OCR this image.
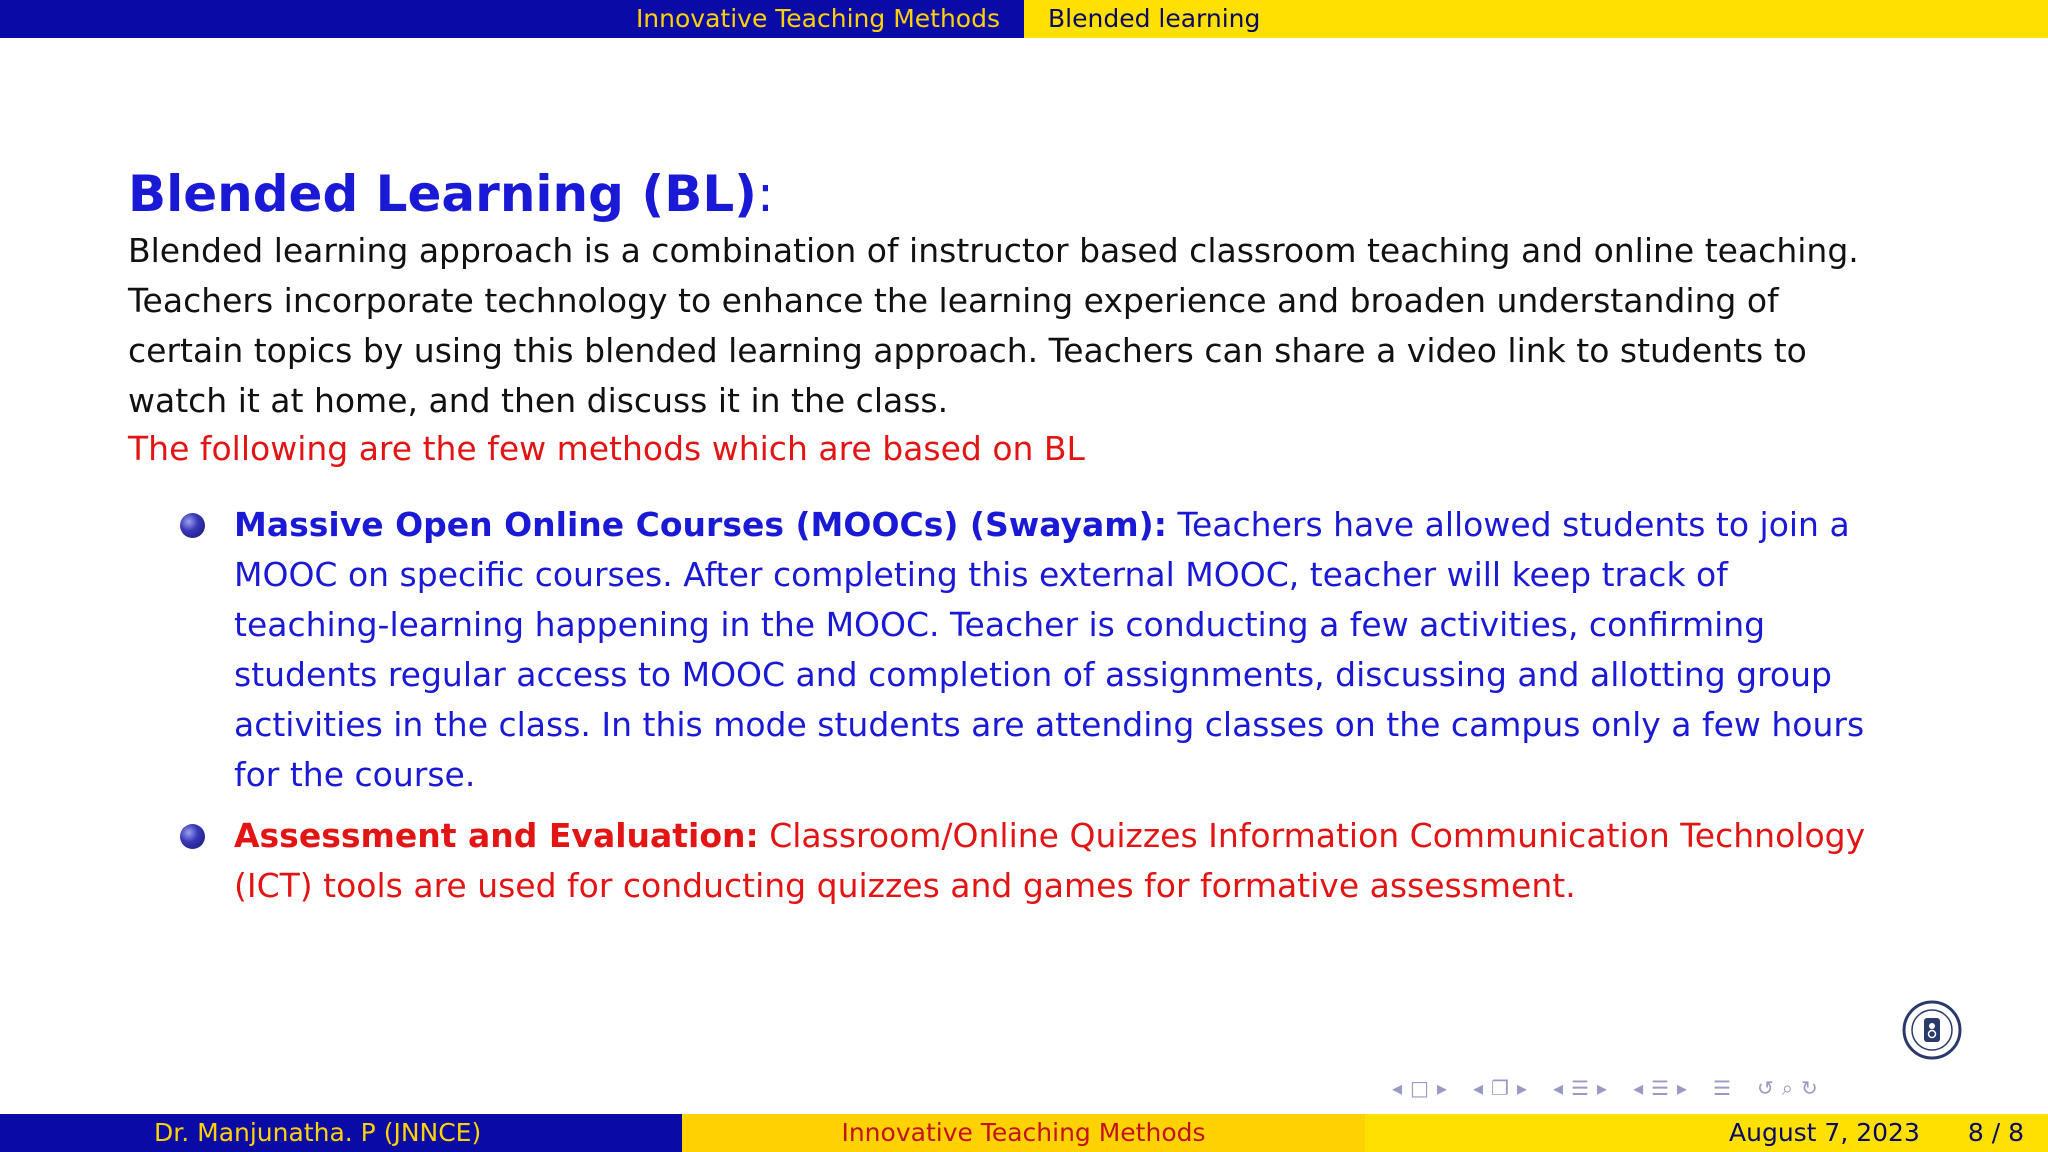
Innovative Teaching Methods	Blended learning
Blended Learning (BL):
Blended learning approach is a combination of instructor based classroom teaching and online teaching.
Teachers incorporate technology to enhance the learning experience and broaden understanding of
certain topics by using this blended learning approach. Teachers can share a video link to students to
watch it at home, and then discuss it in the class.
The following are the few methods which are based on BL
Massive Open Online Courses (MOOCs) (Swayam): Teachers have allowed students to join a
MOOC on specific courses. After completing this external MOOC, teacher will keep track of
teaching-learning happening in the MOOC. Teacher is conducting a few activities, confirming
students regular access to MOOC and completion of assignments, discussing and allotting group
activities in the class. In this mode students are attending classes on the campus only a few hours
for the course.
Assessment and Evaluation: Classroom/Online Quizzes Information Communication Technology
(ICT) tools are used for conducting quizzes and games for formative assessment.
◂ □ ▸ ◂ ❐ ▸ ◂ ☰ ▸ ◂ ☰ ▸ ☰ ↺ ⌕ ↻
Dr. Manjunatha. P (JNNCE)	Innovative Teaching Methods	August 7, 2023 8 / 8
